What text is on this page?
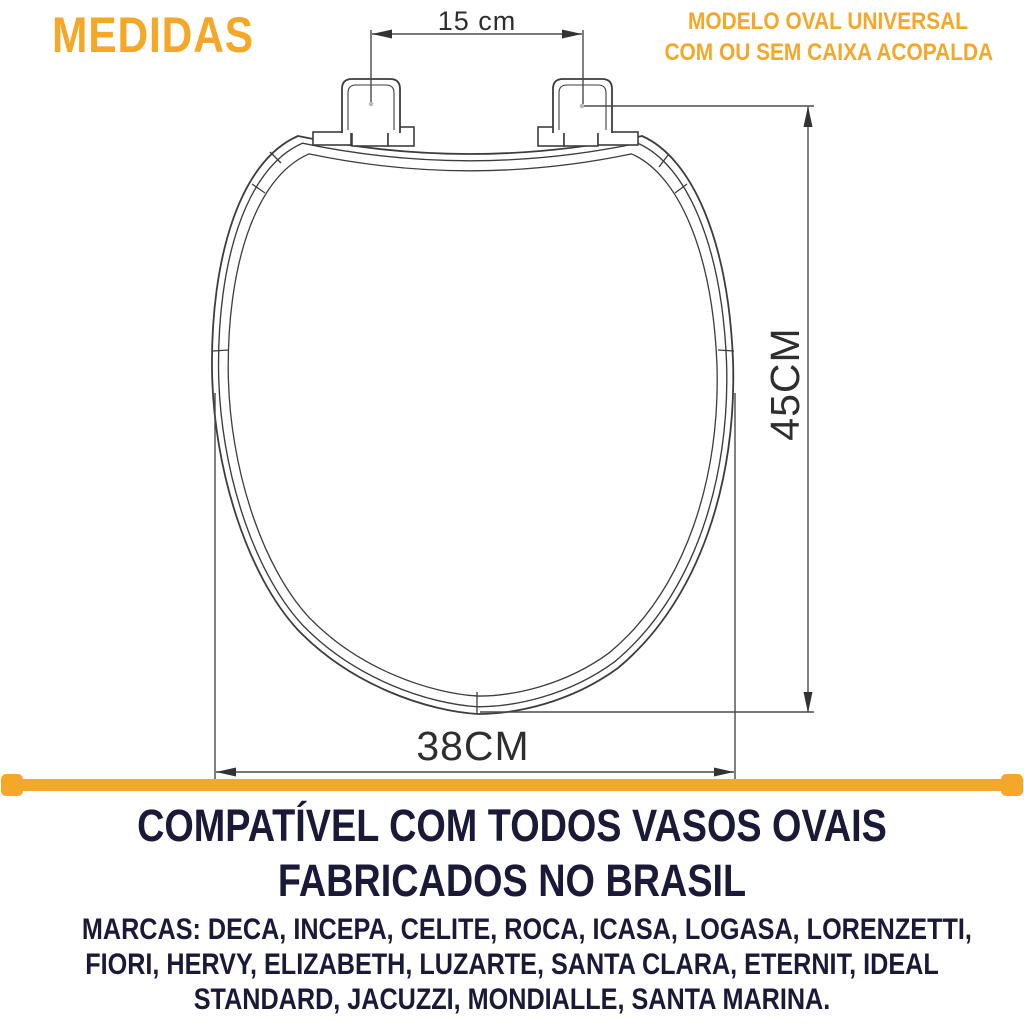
MEDIDAS	MODELO OVAL UNIVERSAL
COM OU SEM CAIXA ACOPALDA
15 cm
45CM
38CM
COMPATÍVEL COM TODOS VASOS OVAIS
FABRICADOS NO BRASIL
MARCAS: DECA, INCEPA, CELITE, ROCA, ICASA, LOGASA, LORENZETTI,
FIORI, HERVY, ELIZABETH, LUZARTE, SANTA CLARA, ETERNIT, IDEAL
STANDARD, JACUZZI, MONDIALLE, SANTA MARINA.
